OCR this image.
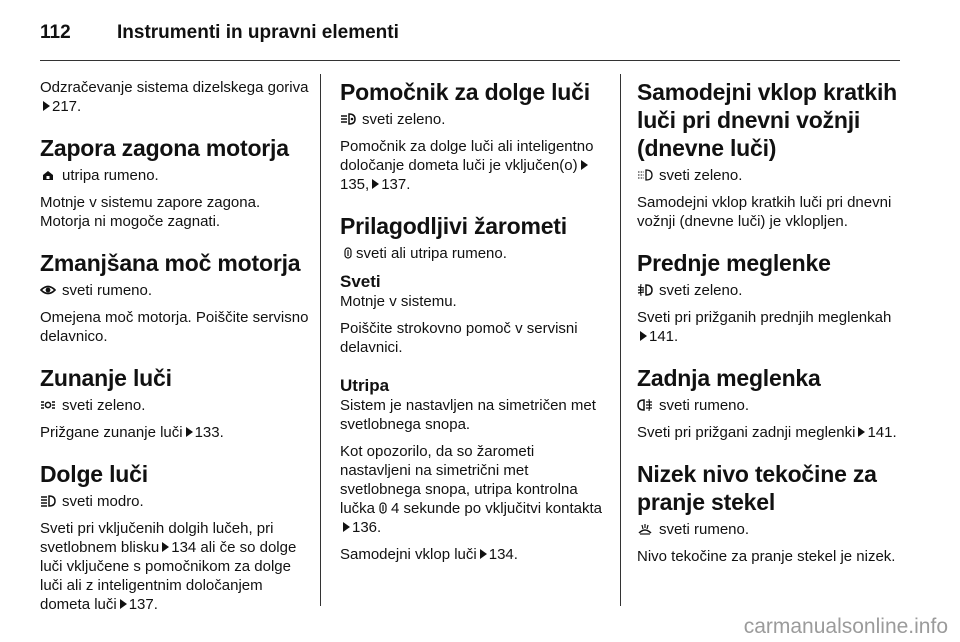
112 Instrumenti in upravni elementi

Odzračevanje sistema dizelskega goriva217.

Zapora zagona motorja

utripa rumeno.

Motnje v sistemu zapore zagona. Motorja ni mogoče zagnati.

Zmanjšana moč motorja

sveti rumeno.

Omejena moč motorja. Poiščite servisno delavnico.

Zunanje luči

sveti zeleno.

Prižgane zunanje luči 133.

Dolge luči

sveti modro.

Sveti pri vključenih dolgih lučeh, pri svetlobnem blisku 134 ali če so dolge luči vključene s pomočnikom za dolge luči ali z inteligentnim določanjem dometa luči 137.

Pomočnik za dolge luči

sveti zeleno.

Pomočnik za dolge luči ali inteligentno določanje dometa luči je vključen(o)135, 137.

Prilagodljivi žarometi

sveti ali utripa rumeno.

Sveti

Motnje v sistemu.

Poiščite strokovno pomoč v servisni delavnici.

Utripa

Sistem je nastavljen na simetričen met svetlobnega snopa.

Kot opozorilo, da so žarometi nastavljeni na simetrični met svetlobnega snopa, utripa kontrolna lučka 4 sekunde po vključitvi kontakta136.

Samodejni vklop luči 134.

Samodejni vklop kratkih luči pri dnevni vožnji (dnevne luči)

sveti zeleno.

Samodejni vklop kratkih luči pri dnevni vožnji (dnevne luči) je vklopljen.

Prednje meglenke

sveti zeleno.

Sveti pri prižganih prednjih meglenkah141.

Zadnja meglenka

sveti rumeno.

Sveti pri prižgani zadnji meglenki 141.

Nizek nivo tekočine za pranje stekel

sveti rumeno.

Nivo tekočine za pranje stekel je nizek.

carmanualsonline.info
